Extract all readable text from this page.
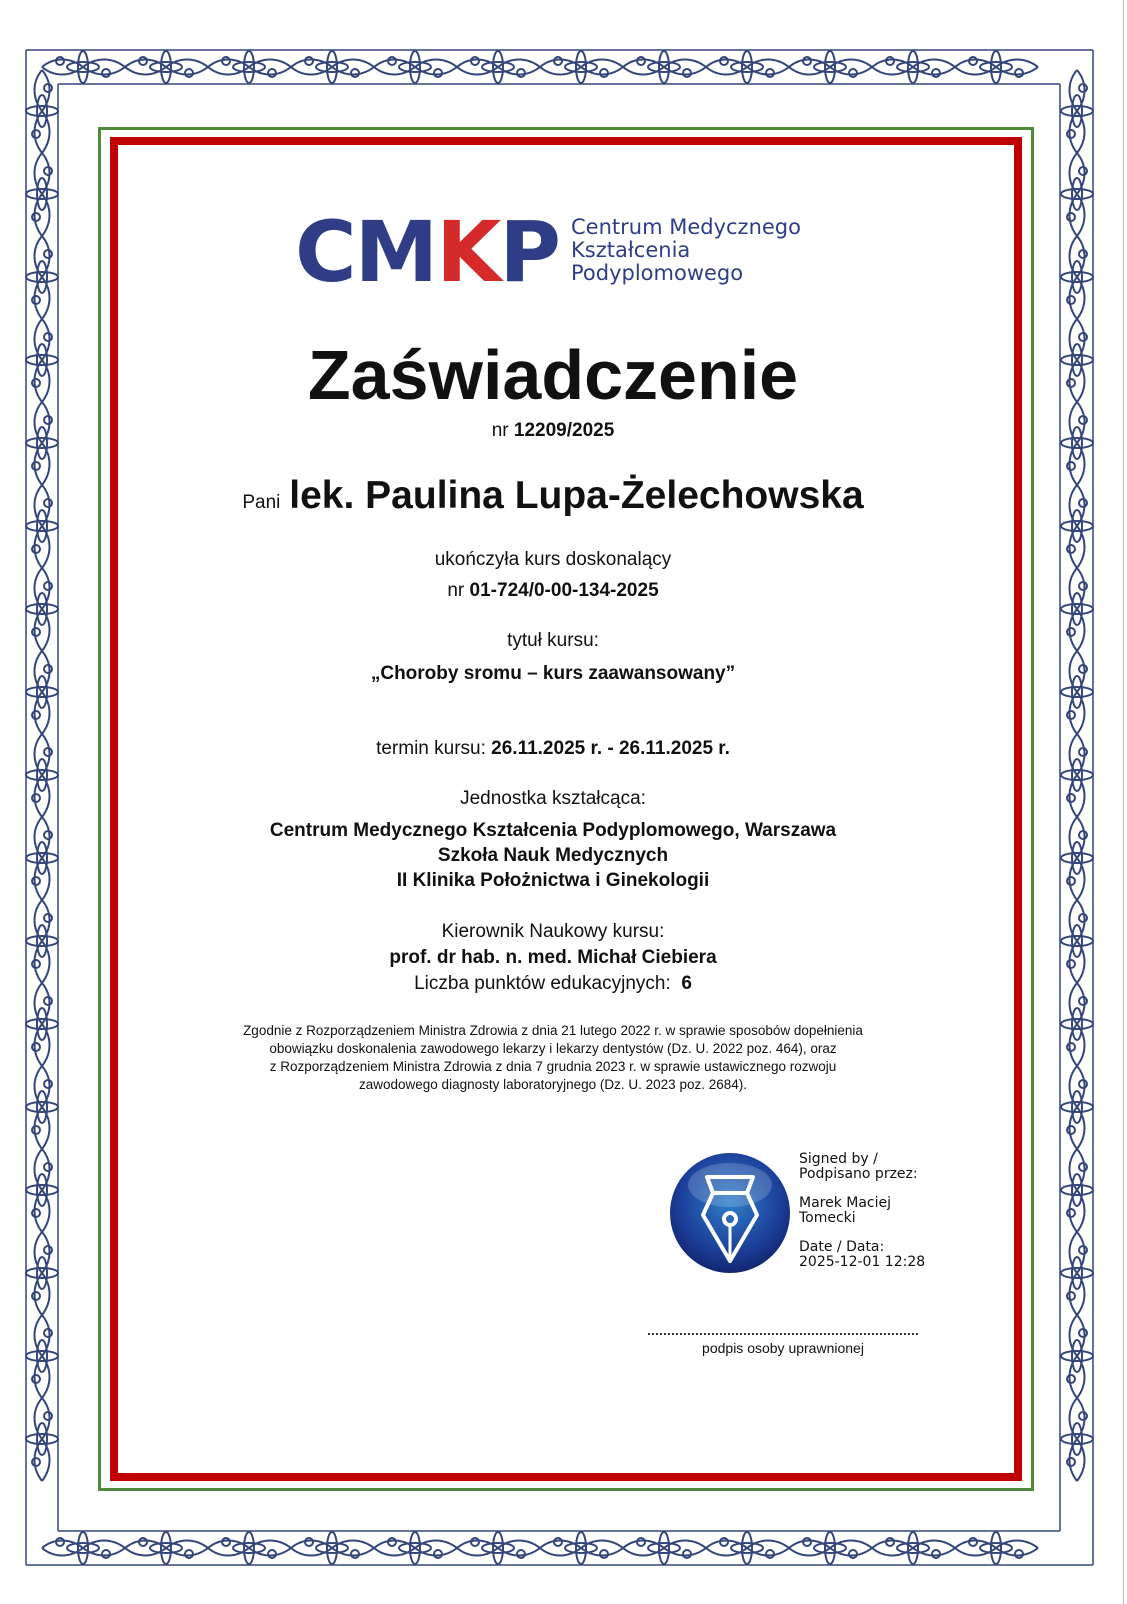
CMKP Centrum Medycznego
Kształcenia
Podyplomowego
Zaświadczenie
nr 12209/2025
Pani lek. Paulina Lupa-Żelechowska
ukończyła kurs doskonalący
nr 01-724/0-00-134-2025
tytuł kursu:
„Choroby sromu – kurs zaawansowany”
termin kursu: 26.11.2025 r. - 26.11.2025 r.
Jednostka kształcąca:
Centrum Medycznego Kształcenia Podyplomowego, Warszawa
Szkoła Nauk Medycznych
II Klinika Położnictwa i Ginekologii
Kierownik Naukowy kursu:
prof. dr hab. n. med. Michał Ciebiera
Liczba punktów edukacyjnych: 6
Zgodnie z Rozporządzeniem Ministra Zdrowia z dnia 21 lutego 2022 r. w sprawie sposobów dopełnienia
obowiązku doskonalenia zawodowego lekarzy i lekarzy dentystów (Dz. U. 2022 poz. 464), oraz
z Rozporządzeniem Ministra Zdrowia z dnia 7 grudnia 2023 r. w sprawie ustawicznego rozwoju
zawodowego diagnosty laboratoryjnego (Dz. U. 2023 poz. 2684).
Signed by /
Podpisano przez:
Marek Maciej
Tomecki
Date / Data:
2025-12-01 12:28
podpis osoby uprawnionej
